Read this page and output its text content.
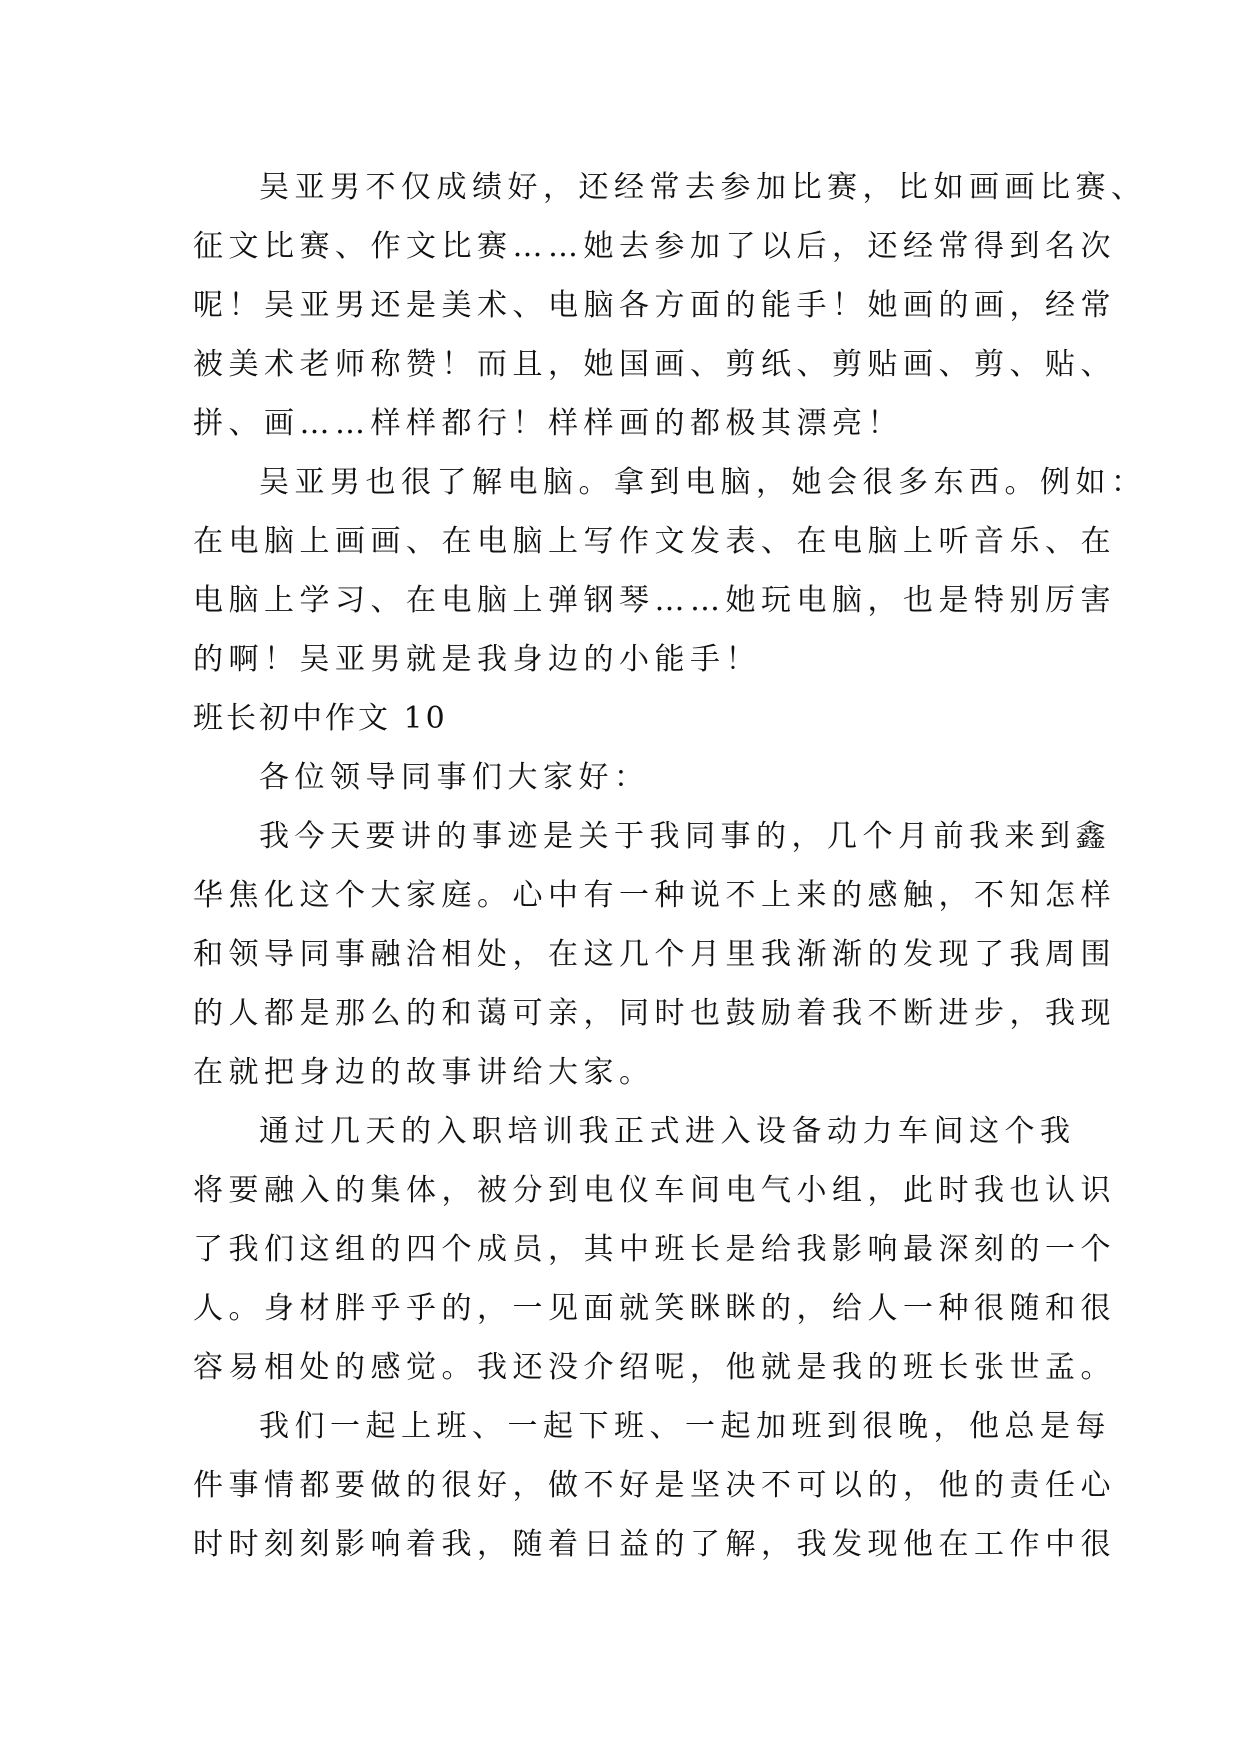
吴亚男不仅成绩好，还经常去参加比赛，比如画画比赛、
征文比赛、作文比赛……她去参加了以后，还经常得到名次
呢！吴亚男还是美术、电脑各方面的能手！她画的画，经常
被美术老师称赞！而且，她国画、剪纸、剪贴画、剪、贴、
拼、画……样样都行！样样画的都极其漂亮！
吴亚男也很了解电脑。拿到电脑，她会很多东西。例如：
在电脑上画画、在电脑上写作文发表、在电脑上听音乐、在
电脑上学习、在电脑上弹钢琴……她玩电脑，也是特别厉害
的啊！吴亚男就是我身边的小能手！
班长初中作文 10
各位领导同事们大家好：
我今天要讲的事迹是关于我同事的，几个月前我来到鑫
华焦化这个大家庭。心中有一种说不上来的感触，不知怎样
和领导同事融洽相处，在这几个月里我渐渐的发现了我周围
的人都是那么的和蔼可亲，同时也鼓励着我不断进步，我现
在就把身边的故事讲给大家。
通过几天的入职培训我正式进入设备动力车间这个我
将要融入的集体，被分到电仪车间电气小组，此时我也认识
了我们这组的四个成员，其中班长是给我影响最深刻的一个
人。身材胖乎乎的，一见面就笑眯眯的，给人一种很随和很
容易相处的感觉。我还没介绍呢，他就是我的班长张世孟。
我们一起上班、一起下班、一起加班到很晚，他总是每
件事情都要做的很好，做不好是坚决不可以的，他的责任心
时时刻刻影响着我，随着日益的了解，我发现他在工作中很
